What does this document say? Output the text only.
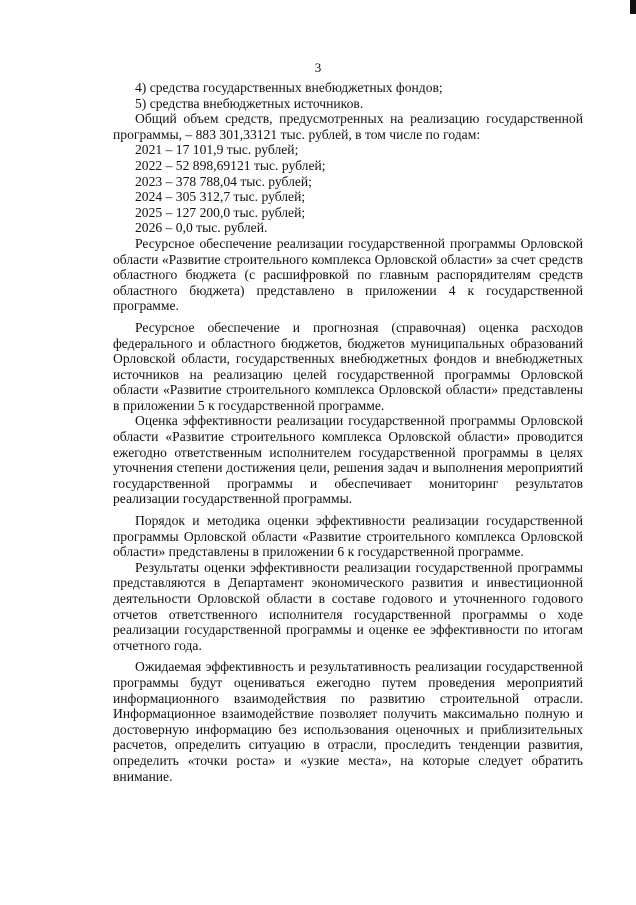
3

4) средства государственных внебюджетных фондов;

5) средства внебюджетных источников.

Общий объем средств, предусмотренных на реализацию государственной программы, – 883 301,33121 тыс. рублей, в том числе по годам:

2021 – 17 101,9 тыс. рублей;

2022 – 52 898,69121 тыс. рублей;

2023 – 378 788,04 тыс. рублей;

2024 – 305 312,7 тыс. рублей;

2025 – 127 200,0 тыс. рублей;

2026 – 0,0 тыс. рублей.

Ресурсное обеспечение реализации государственной программы Орловской области «Развитие строительного комплекса Орловской области» за счет средств областного бюджета (с расшифровкой по главным распорядителям средств областного бюджета) представлено в приложении 4 к государственной программе.

Ресурсное обеспечение и прогнозная (справочная) оценка расходов федерального и областного бюджетов, бюджетов муниципальных образований Орловской области, государственных внебюджетных фондов и внебюджетных источников на реализацию целей государственной программы Орловской области «Развитие строительного комплекса Орловской области» представлены в приложении 5 к государственной программе.

Оценка эффективности реализации государственной программы Орловской области «Развитие строительного комплекса Орловской области» проводится ежегодно ответственным исполнителем государственной программы в целях уточнения степени достижения цели, решения задач и выполнения мероприятий государственной программы и обеспечивает мониторинг результатов реализации государственной программы.

Порядок и методика оценки эффективности реализации государственной программы Орловской области «Развитие строительного комплекса Орловской области» представлены в приложении 6 к государственной программе.

Результаты оценки эффективности реализации государственной программы представляются в Департамент экономического развития и инвестиционной деятельности Орловской области в составе годового и уточненного годового отчетов ответственного исполнителя государственной программы о ходе реализации государственной программы и оценке ее эффективности по итогам отчетного года.

Ожидаемая эффективность и результативность реализации государственной программы будут оцениваться ежегодно путем проведения мероприятий информационного взаимодействия по развитию строительной отрасли. Информационное взаимодействие позволяет получить максимально полную и достоверную информацию без использования оценочных и приблизительных расчетов, определить ситуацию в отрасли, проследить тенденции развития, определить «точки роста» и «узкие места», на которые следует обратить внимание.
